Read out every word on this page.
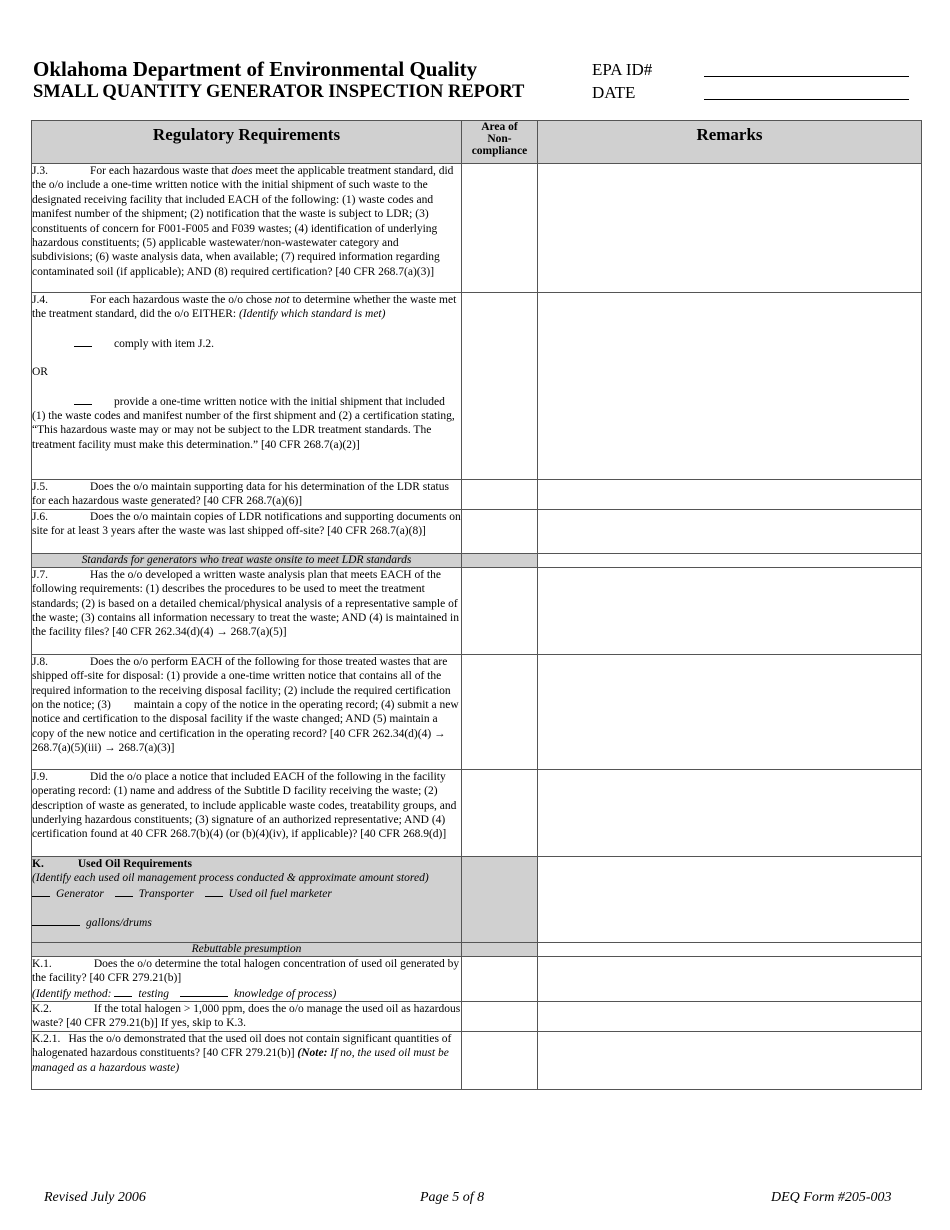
Oklahoma Department of Environmental Quality
SMALL QUANTITY GENERATOR INSPECTION REPORT
EPA ID#
DATE
Regulatory Requirements	Area of
Non-
compliance	Remarks

J.3. For each hazardous waste that does meet the applicable treatment standard, did the o/o include a one-time written notice with the initial shipment of such waste to the designated receiving facility that included EACH of the following: (1) waste codes and manifest number of the shipment; (2) notification that the waste is subject to LDR; (3) constituents of concern for F001-F005 and F039 wastes; (4) identification of underlying hazardous constituents; (5) applicable wastewater/non-wastewater category and subdivisions; (6) waste analysis data, when available; (7) required information regarding contaminated soil (if applicable); AND (8) required certification? [40 CFR 268.7(a)(3)]		
J.4. For each hazardous waste the o/o chose not to determine whether the waste met the treatment standard, did the o/o EITHER: (Identify which standard is met)
comply with item J.2.
OR
provide a one-time written notice with the initial shipment that included (1) the waste codes and manifest number of the first shipment and (2) a certification stating, “This hazardous waste may or may not be subject to the LDR treatment standards. The treatment facility must make this determination.” [40 CFR 268.7(a)(2)]		

J.5. Does the o/o maintain supporting data for his determination of the LDR status for each hazardous waste generated? [40 CFR 268.7(a)(6)]		
J.6. Does the o/o maintain copies of LDR notifications and supporting documents on site for at least 3 years after the waste was last shipped off-site? [40 CFR 268.7(a)(8)]		
Standards for generators who treat waste onsite to meet LDR standards		
J.7. Has the o/o developed a written waste analysis plan that meets EACH of the following requirements: (1) describes the procedures to be used to meet the treatment standards; (2) is based on a detailed chemical/physical analysis of a representative sample of the waste; (3) contains all information necessary to treat the waste; AND (4) is maintained in the facility files? [40 CFR 262.34(d)(4) → 268.7(a)(5)]		
J.8. Does the o/o perform EACH of the following for those treated wastes that are shipped off-site for disposal: (1) provide a one-time written notice that contains all of the required information to the receiving disposal facility; (2) include the required certification on the notice; (3)        maintain a copy of the notice in the operating record; (4) submit a new notice and certification to the disposal facility if the waste changed; AND (5) maintain a copy of the new notice and certification in the operating record? [40 CFR 262.34(d)(4) → 268.7(a)(5)(iii) → 268.7(a)(3)]		
J.9. Did the o/o place a notice that included EACH of the following in the facility operating record: (1) name and address of the Subtitle D facility receiving the waste; (2) description of waste as generated, to include applicable waste codes, treatability groups, and underlying hazardous constituents; (3) signature of an authorized representative; AND (4) certification found at 40 CFR 268.7(b)(4) (or (b)(4)(iv), if applicable)? [40 CFR 268.9(d)]		

K. Used Oil Requirements
(Identify each used oil management process conducted & approximate amount stored)
Generator Transporter Used oil fuel marketer
gallons/drums		

Rebuttable presumption		
K.1. Does the o/o determine the total halogen concentration of used oil generated by the facility? [40 CFR 279.21(b)]
(Identify method: testing knowledge of process)		
K.2. If the total halogen > 1,000 ppm, does the o/o manage the used oil as hazardous waste? [40 CFR 279.21(b)] If yes, skip to K.3.		
K.2.1. Has the o/o demonstrated that the used oil does not contain significant quantities of halogenated hazardous constituents? [40 CFR 279.21(b)] (Note: If no, the used oil must be managed as a hazardous waste)		
Revised July 2006	Page 5 of 8	DEQ Form #205-003
